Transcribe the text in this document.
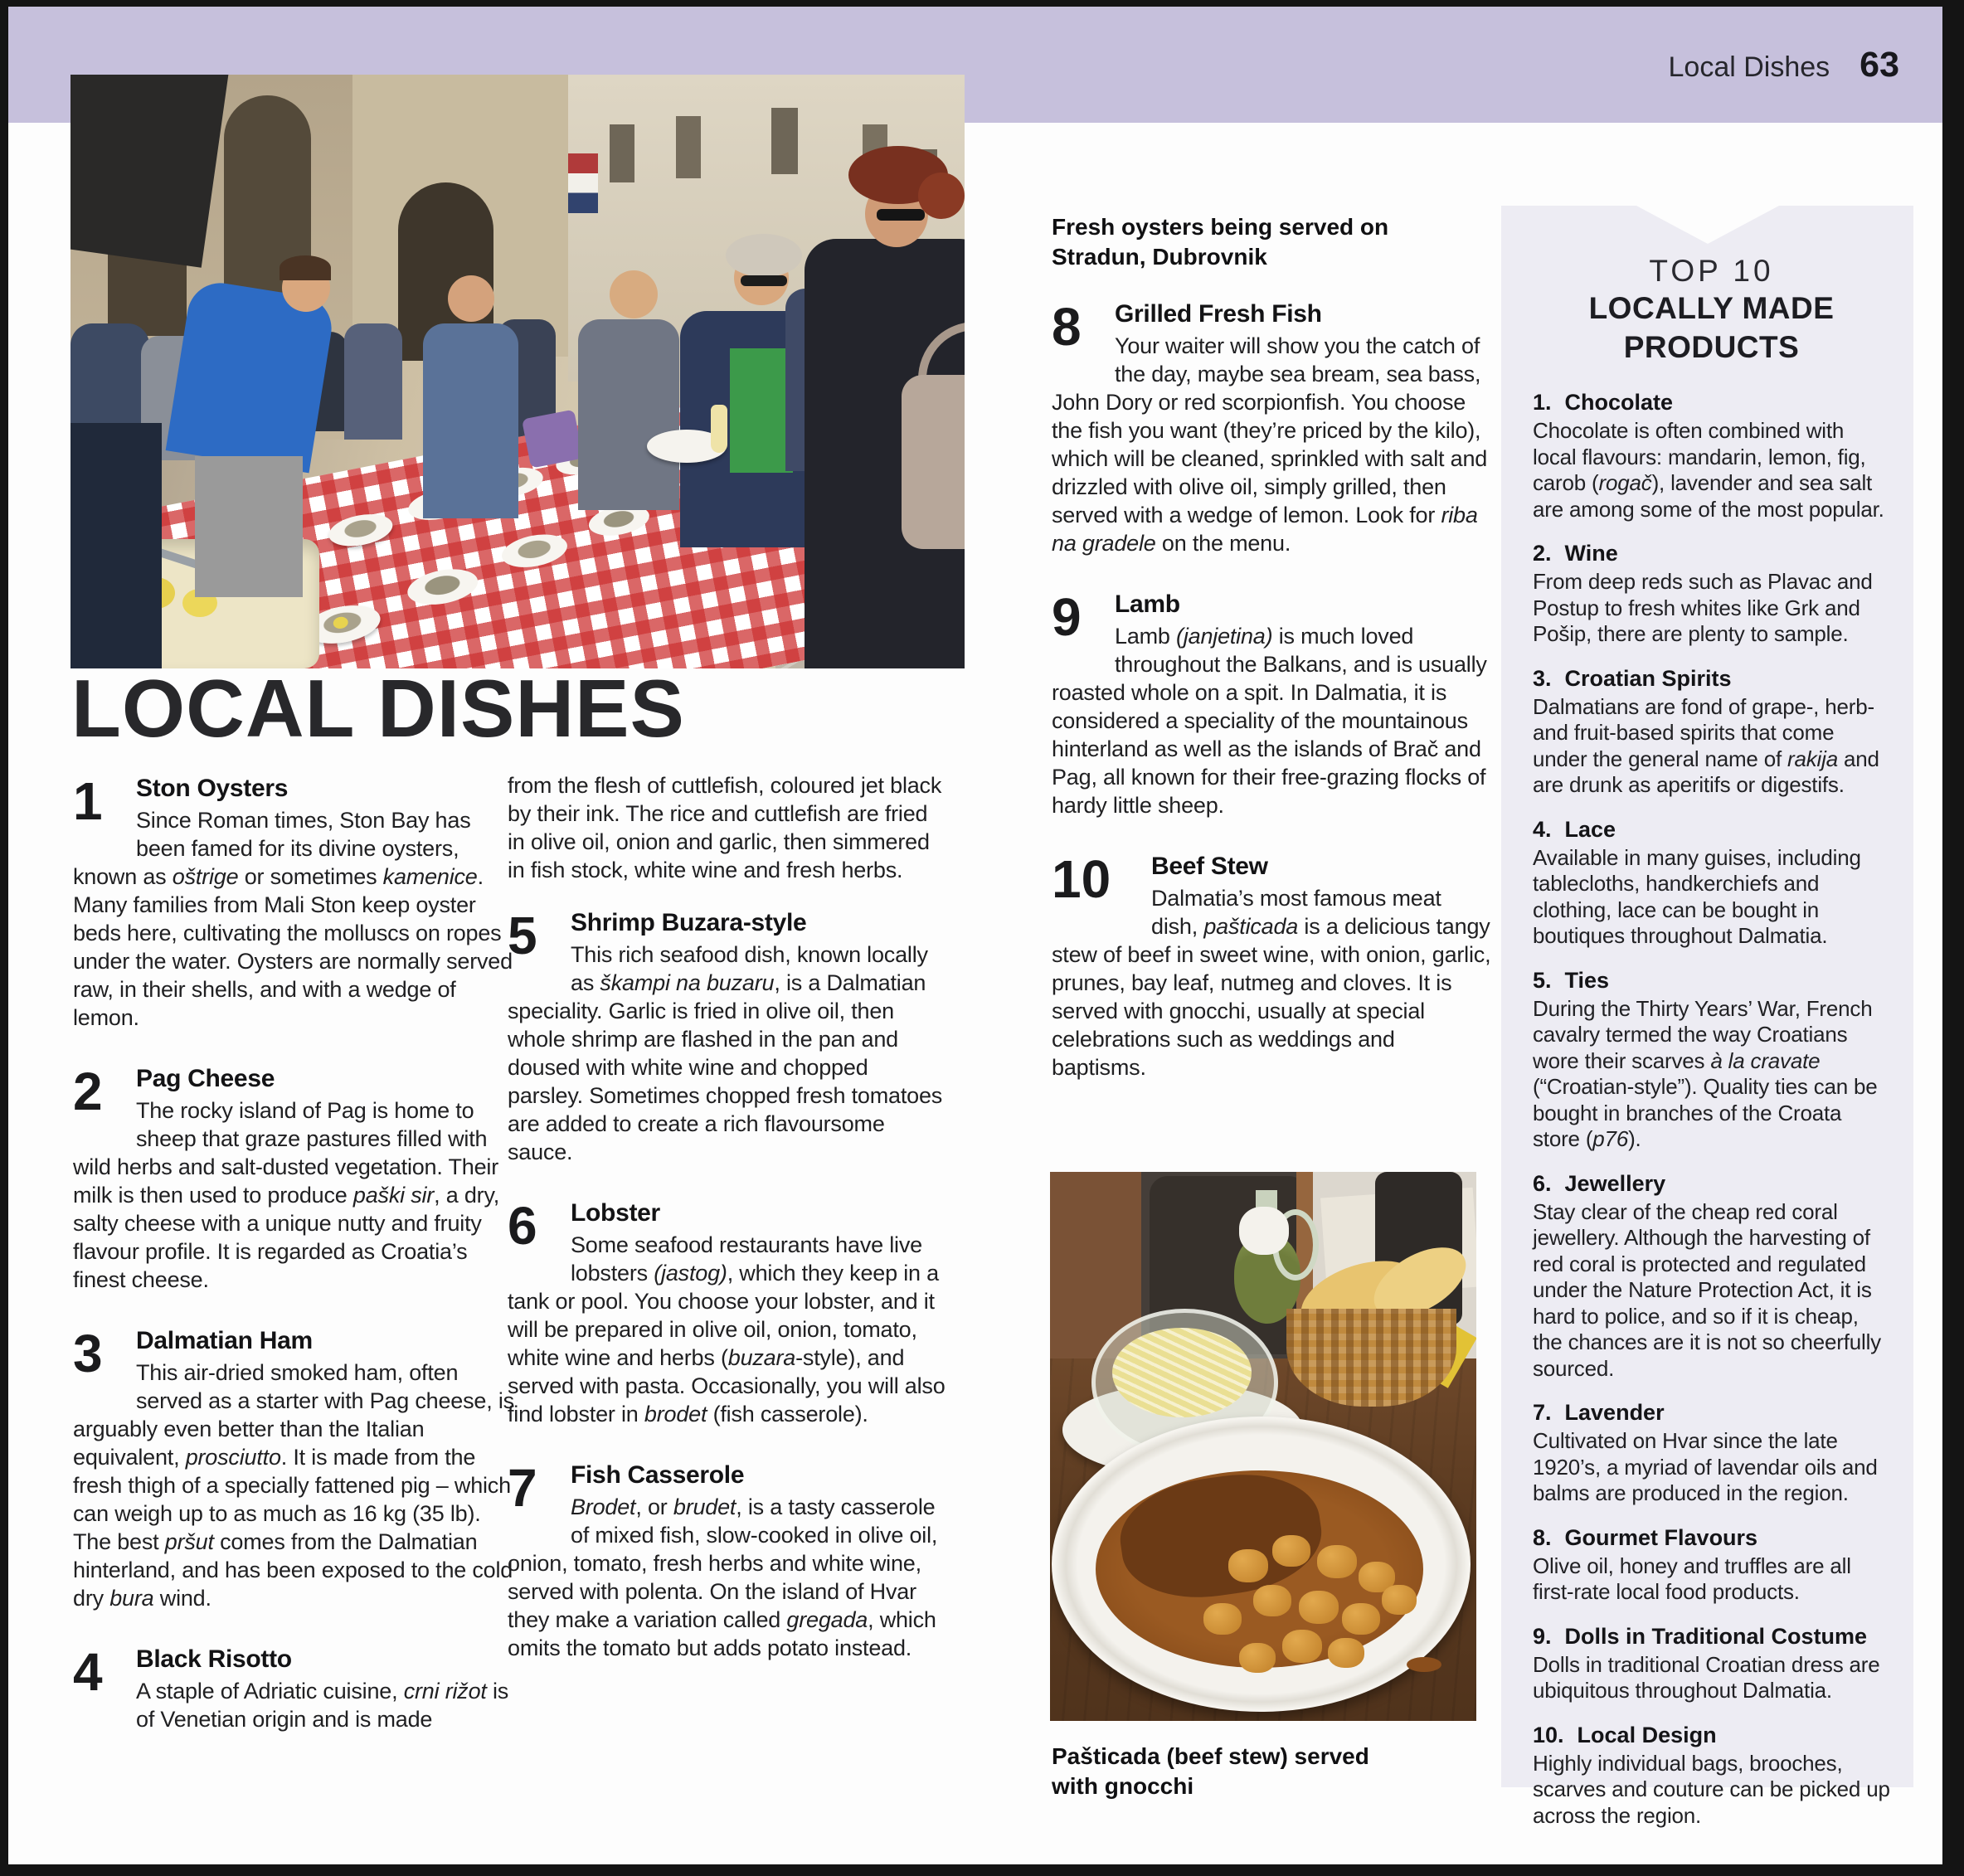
Local Dishes 63
LOCAL DISHES
1	Ston Oysters

Since Roman times, Ston Bay has been famed for its divine oysters, known as oštrige or sometimes kamenice. Many families from Mali Ston keep oyster beds here, cultivating the molluscs on ropes under the water. Oysters are normally served raw, in their shells, and with a wedge of lemon.

2	Pag Cheese

The rocky island of Pag is home to sheep that graze pastures filled with wild herbs and salt-dusted vegetation. Their milk is then used to produce paški sir, a dry, salty cheese with a unique nutty and fruity flavour profile. It is regarded as Croatia’s finest cheese.

3	Dalmatian Ham

This air-dried smoked ham, often served as a starter with Pag cheese, is arguably even better than the Italian equivalent, prosciutto. It is made from the fresh thigh of a specially fattened pig – which can weigh up to as much as 16 kg (35 lb). The best pršut comes from the Dalmatian hinterland, and has been exposed to the cold dry bura wind.

4	Black Risotto

A staple of Adriatic cuisine, crni rižot is of Venetian origin and is made

from the flesh of cuttlefish, coloured jet black by their ink. The rice and cuttlefish are fried in olive oil, onion and garlic, then simmered in fish stock, white wine and fresh herbs.

5	Shrimp Buzara-style

This rich seafood dish, known locally as škampi na buzaru, is a Dalmatian speciality. Garlic is fried in olive oil, then whole shrimp are flashed in the pan and doused with white wine and chopped parsley. Sometimes chopped fresh tomatoes are added to create a rich flavoursome sauce.

6	Lobster

Some seafood restaurants have live lobsters (jastog), which they keep in a tank or pool. You choose your lobster, and it will be prepared in olive oil, onion, tomato, white wine and herbs (buzara-style), and served with pasta. Occasionally, you will also find lobster in brodet (fish casserole).

7	Fish Casserole

Brodet, or brudet, is a tasty casserole of mixed fish, slow-cooked in olive oil, onion, tomato, fresh herbs and white wine, served with polenta. On the island of Hvar they make a variation called gregada, which omits the tomato but adds potato instead.

Fresh oysters being served on Stradun, Dubrovnik
8	Grilled Fresh Fish

Your waiter will show you the catch of the day, maybe sea bream, sea bass, John Dory or red scorpionfish. You choose the fish you want (they’re priced by the kilo), which will be cleaned, sprinkled with salt and drizzled with olive oil, simply grilled, then served with a wedge of lemon. Look for riba na gradele on the menu.

9	Lamb

Lamb (janjetina) is much loved throughout the Balkans, and is usually roasted whole on a spit. In Dalmatia, it is considered a speciality of the mountainous hinterland as well as the islands of Brač and Pag, all known for their free-grazing flocks of hardy little sheep.

10	Beef Stew

Dalmatia’s most famous meat dish, pašticada is a delicious tangy stew of beef in sweet wine, with onion, garlic, prunes, bay leaf, nutmeg and cloves. It is served with gnocchi, usually at special celebrations such as weddings and baptisms.

Pašticada (beef stew) served with gnocchi

TOP 10

LOCALLY MADE

PRODUCTS

1. Chocolate

Chocolate is often combined with local flavours: mandarin, lemon, fig, carob (rogač), lavender and sea salt are among some of the most popular.

2. Wine

From deep reds such as Plavac and Postup to fresh whites like Grk and Pošip, there are plenty to sample.

3. Croatian Spirits

Dalmatians are fond of grape-, herb- and fruit-based spirits that come under the general name of rakija and are drunk as aperitifs or digestifs.

4. Lace

Available in many guises, including tablecloths, handkerchiefs and clothing, lace can be bought in boutiques throughout Dalmatia.

5. Ties

During the Thirty Years’ War, French cavalry termed the way Croatians wore their scarves à la cravate (“Croatian-style”). Quality ties can be bought in branches of the Croata store (p76).

6. Jewellery

Stay clear of the cheap red coral jewellery. Although the harvesting of red coral is protected and regulated under the Nature Protection Act, it is hard to police, and so if it is cheap, the chances are it is not so cheerfully sourced.

7. Lavender

Cultivated on Hvar since the late 1920’s, a myriad of lavendar oils and balms are produced in the region.

8. Gourmet Flavours

Olive oil, honey and truffles are all first-rate local food products.

9. Dolls in Traditional Costume

Dolls in traditional Croatian dress are ubiquitous throughout Dalmatia.

10. Local Design

Highly individual bags, brooches, scarves and couture can be picked up across the region.
